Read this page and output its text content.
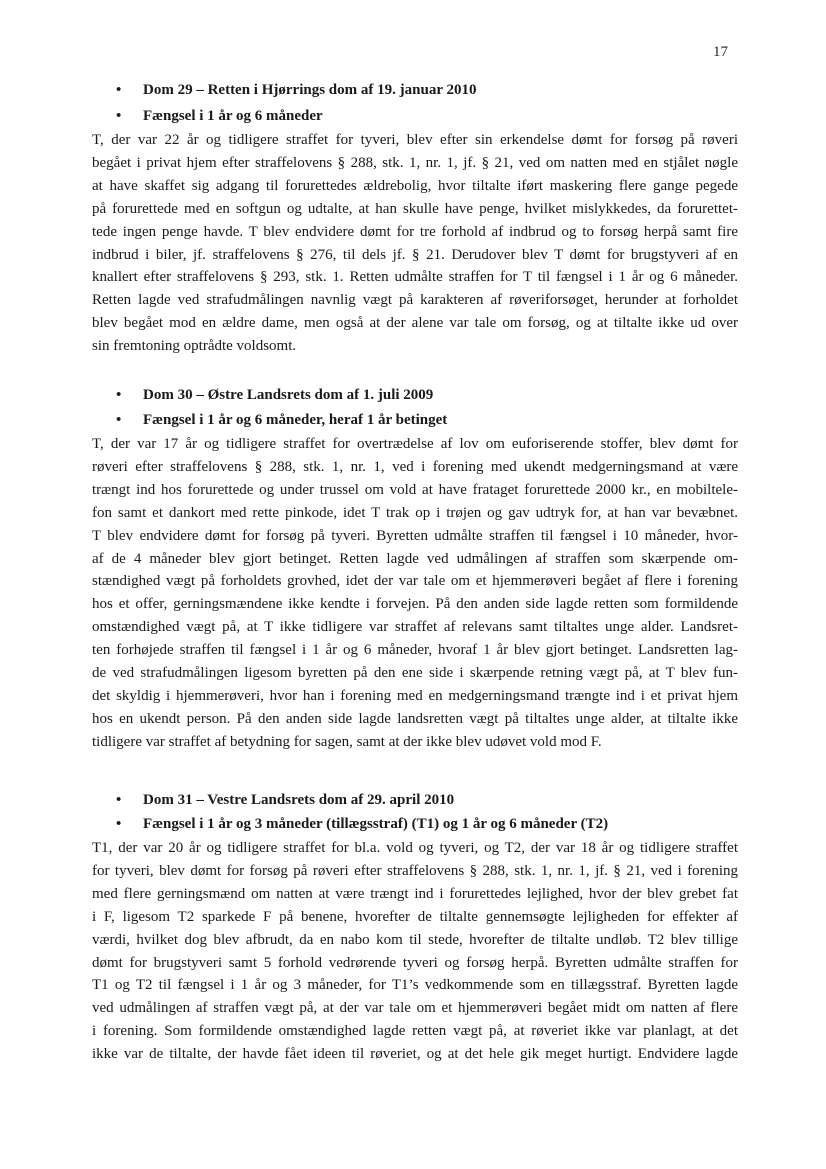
17
• Dom 29 – Retten i Hjørrings dom af 19. januar 2010
• Fængsel i 1 år og 6 måneder
T, der var 22 år og tidligere straffet for tyveri, blev efter sin erkendelse dømt for forsøg på røveri
begået i privat hjem efter straffelovens § 288, stk. 1, nr. 1, jf. § 21, ved om natten med en stjålet nøgle
at have skaffet sig adgang til forurettedes ældrebolig, hvor tiltalte iført maskering flere gange pegede
på forurettede med en softgun og udtalte, at han skulle have penge, hvilket mislykkedes, da forurettet-
tede ingen penge havde. T blev endvidere dømt for tre forhold af indbrud og to forsøg herpå samt fire
indbrud i biler, jf. straffelovens § 276, til dels jf. § 21. Derudover blev T dømt for brugstyveri af en
knallert efter straffelovens § 293, stk. 1. Retten udmålte straffen for T til fængsel i 1 år og 6 måneder.
Retten lagde ved strafudmålingen navnlig vægt på karakteren af røveriforsøget, herunder at forholdet
blev begået mod en ældre dame, men også at der alene var tale om forsøg, og at tiltalte ikke ud over
sin fremtoning optrådte voldsomt.
• Dom 30 – Østre Landsrets dom af 1. juli 2009
• Fængsel i 1 år og 6 måneder, heraf 1 år betinget
T, der var 17 år og tidligere straffet for overtrædelse af lov om euforiserende stoffer, blev dømt for
røveri efter straffelovens § 288, stk. 1, nr. 1, ved i forening med ukendt medgerningsmand at være
trængt ind hos forurettede og under trussel om vold at have frataget forurettede 2000 kr., en mobiltele-
fon samt et dankort med rette pinkode, idet T trak op i trøjen og gav udtryk for, at han var bevæbnet.
T blev endvidere dømt for forsøg på tyveri. Byretten udmålte straffen til fængsel i 10 måneder, hvor-
af de 4 måneder blev gjort betinget. Retten lagde ved udmålingen af straffen som skærpende om-
stændighed vægt på forholdets grovhed, idet der var tale om et hjemmerøveri begået af flere i forening
hos et offer, gerningsmændene ikke kendte i forvejen. På den anden side lagde retten som formildende
omstændighed vægt på, at T ikke tidligere var straffet af relevans samt tiltaltes unge alder. Landsret-
ten forhøjede straffen til fængsel i 1 år og 6 måneder, hvoraf 1 år blev gjort betinget. Landsretten lag-
de ved strafudmålingen ligesom byretten på den ene side i skærpende retning vægt på, at T blev fun-
det skyldig i hjemmerøveri, hvor han i forening med en medgerningsmand trængte ind i et privat hjem
hos en ukendt person. På den anden side lagde landsretten vægt på tiltaltes unge alder, at tiltalte ikke
tidligere var straffet af betydning for sagen, samt at der ikke blev udøvet vold mod F.
• Dom 31 – Vestre Landsrets dom af 29. april 2010
• Fængsel i 1 år og 3 måneder (tillægsstraf) (T1) og 1 år og 6 måneder (T2)
T1, der var 20 år og tidligere straffet for bl.a. vold og tyveri, og T2, der var 18 år og tidligere straffet
for tyveri, blev dømt for forsøg på røveri efter straffelovens § 288, stk. 1, nr. 1, jf. § 21, ved i forening
med flere gerningsmænd om natten at være trængt ind i forurettedes lejlighed, hvor der blev grebet fat
i F, ligesom T2 sparkede F på benene, hvorefter de tiltalte gennemsøgte lejligheden for effekter af
værdi, hvilket dog blev afbrudt, da en nabo kom til stede, hvorefter de tiltalte undløb. T2 blev tillige
dømt for brugstyveri samt 5 forhold vedrørende tyveri og forsøg herpå. Byretten udmålte straffen for
T1 og T2 til fængsel i 1 år og 3 måneder, for T1’s vedkommende som en tillægsstraf. Byretten lagde
ved udmålingen af straffen vægt på, at der var tale om et hjemmerøveri begået midt om natten af flere
i forening. Som formildende omstændighed lagde retten vægt på, at røveriet ikke var planlagt, at det
ikke var de tiltalte, der havde fået ideen til røveriet, og at det hele gik meget hurtigt. Endvidere lagde
